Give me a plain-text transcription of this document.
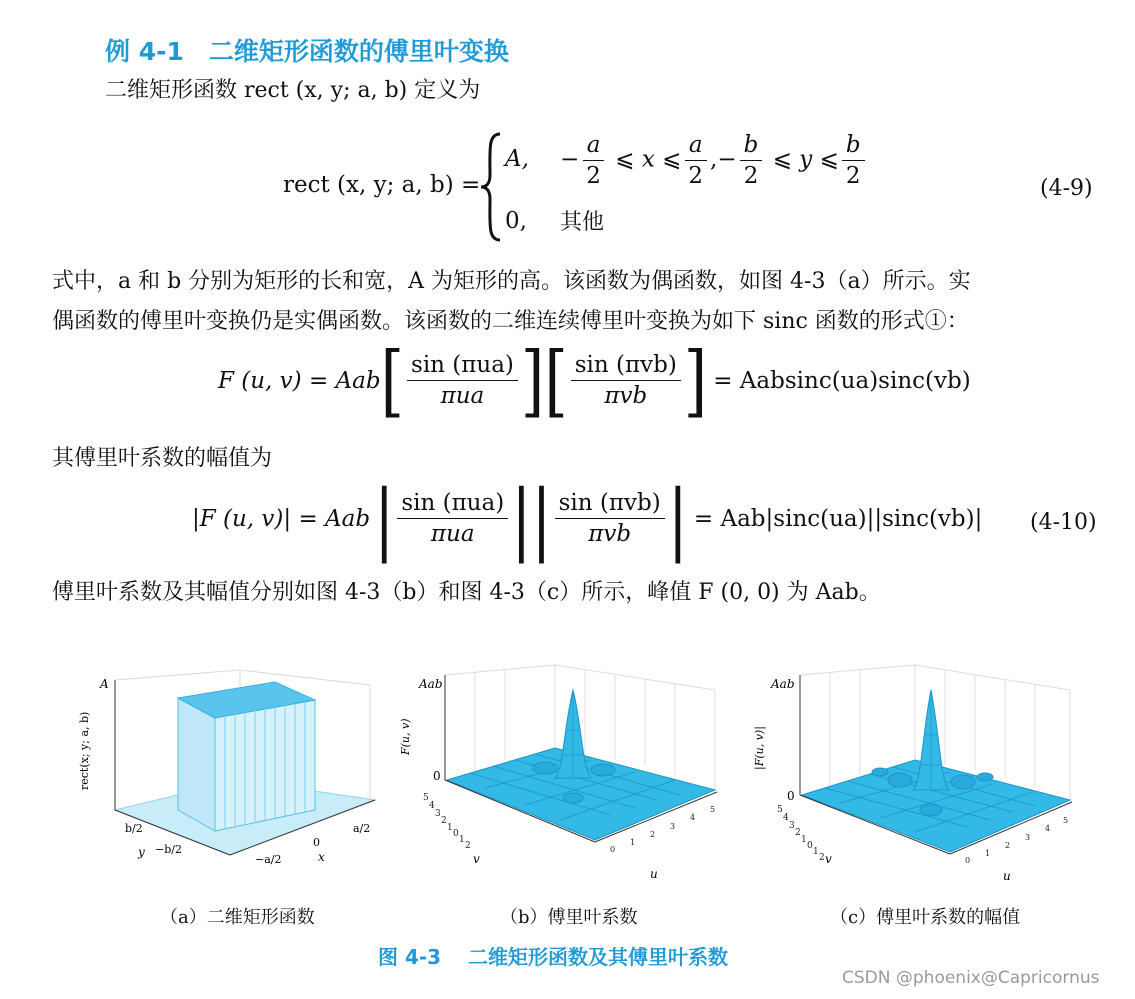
例 4-1　二维矩形函数的傅里叶变换
二维矩形函数 rect (x, y; a, b) 定义为
rect (x, y; a, b) =
A, − $\frac{a}{2}$ ⩽ x ⩽ $\frac{a}{2}$ ,− $\frac{b}{2}$ ⩽ y ⩽ $\frac{b}{2}$
0, 其他
(4-9)
式中，a 和 b 分别为矩形的长和宽，A 为矩形的高。该函数为偶函数，如图 4-3（a）所示。实
偶函数的傅里叶变换仍是实偶函数。该函数的二维连续傅里叶变换为如下 sinc 函数的形式①：
F (u, v) = Aab [ $\frac{\text{sin (πua)}}{\text{πua}}$ ] [ $\frac{\text{sin (πvb)}}{\text{πvb}}$ ] = Aabsinc(ua)sinc(vb)
其傅里叶系数的幅值为
|F (u, v)| = Aab | $\frac{\text{sin (πua)}}{\text{πua}}$ | | $\frac{\text{sin (πvb)}}{\text{πvb}}$ | = Aab|sinc(ua)||sinc(vb)| (4-10)
傅里叶系数及其幅值分别如图 4-3（b）和图 4-3（c）所示，峰值 F (0, 0) 为 Aab。
A
rect(x; y; a, b)
b/2
−b/2
y
a/2
0
−a/2	x
Aab
0
F(u, v)
5
4
3
2
1
0
1
2	0
1
2
3
4
5
v
u
Aab
0
|F(u, v)|
5
4
3
2
1
0
1
2	0
1
2
3
4
5
v
u
（a）二维矩形函数	（b）傅里叶系数	（c）傅里叶系数的幅值
图 4-3　 二维矩形函数及其傅里叶系数
CSDN @phoenix@Capricornus
